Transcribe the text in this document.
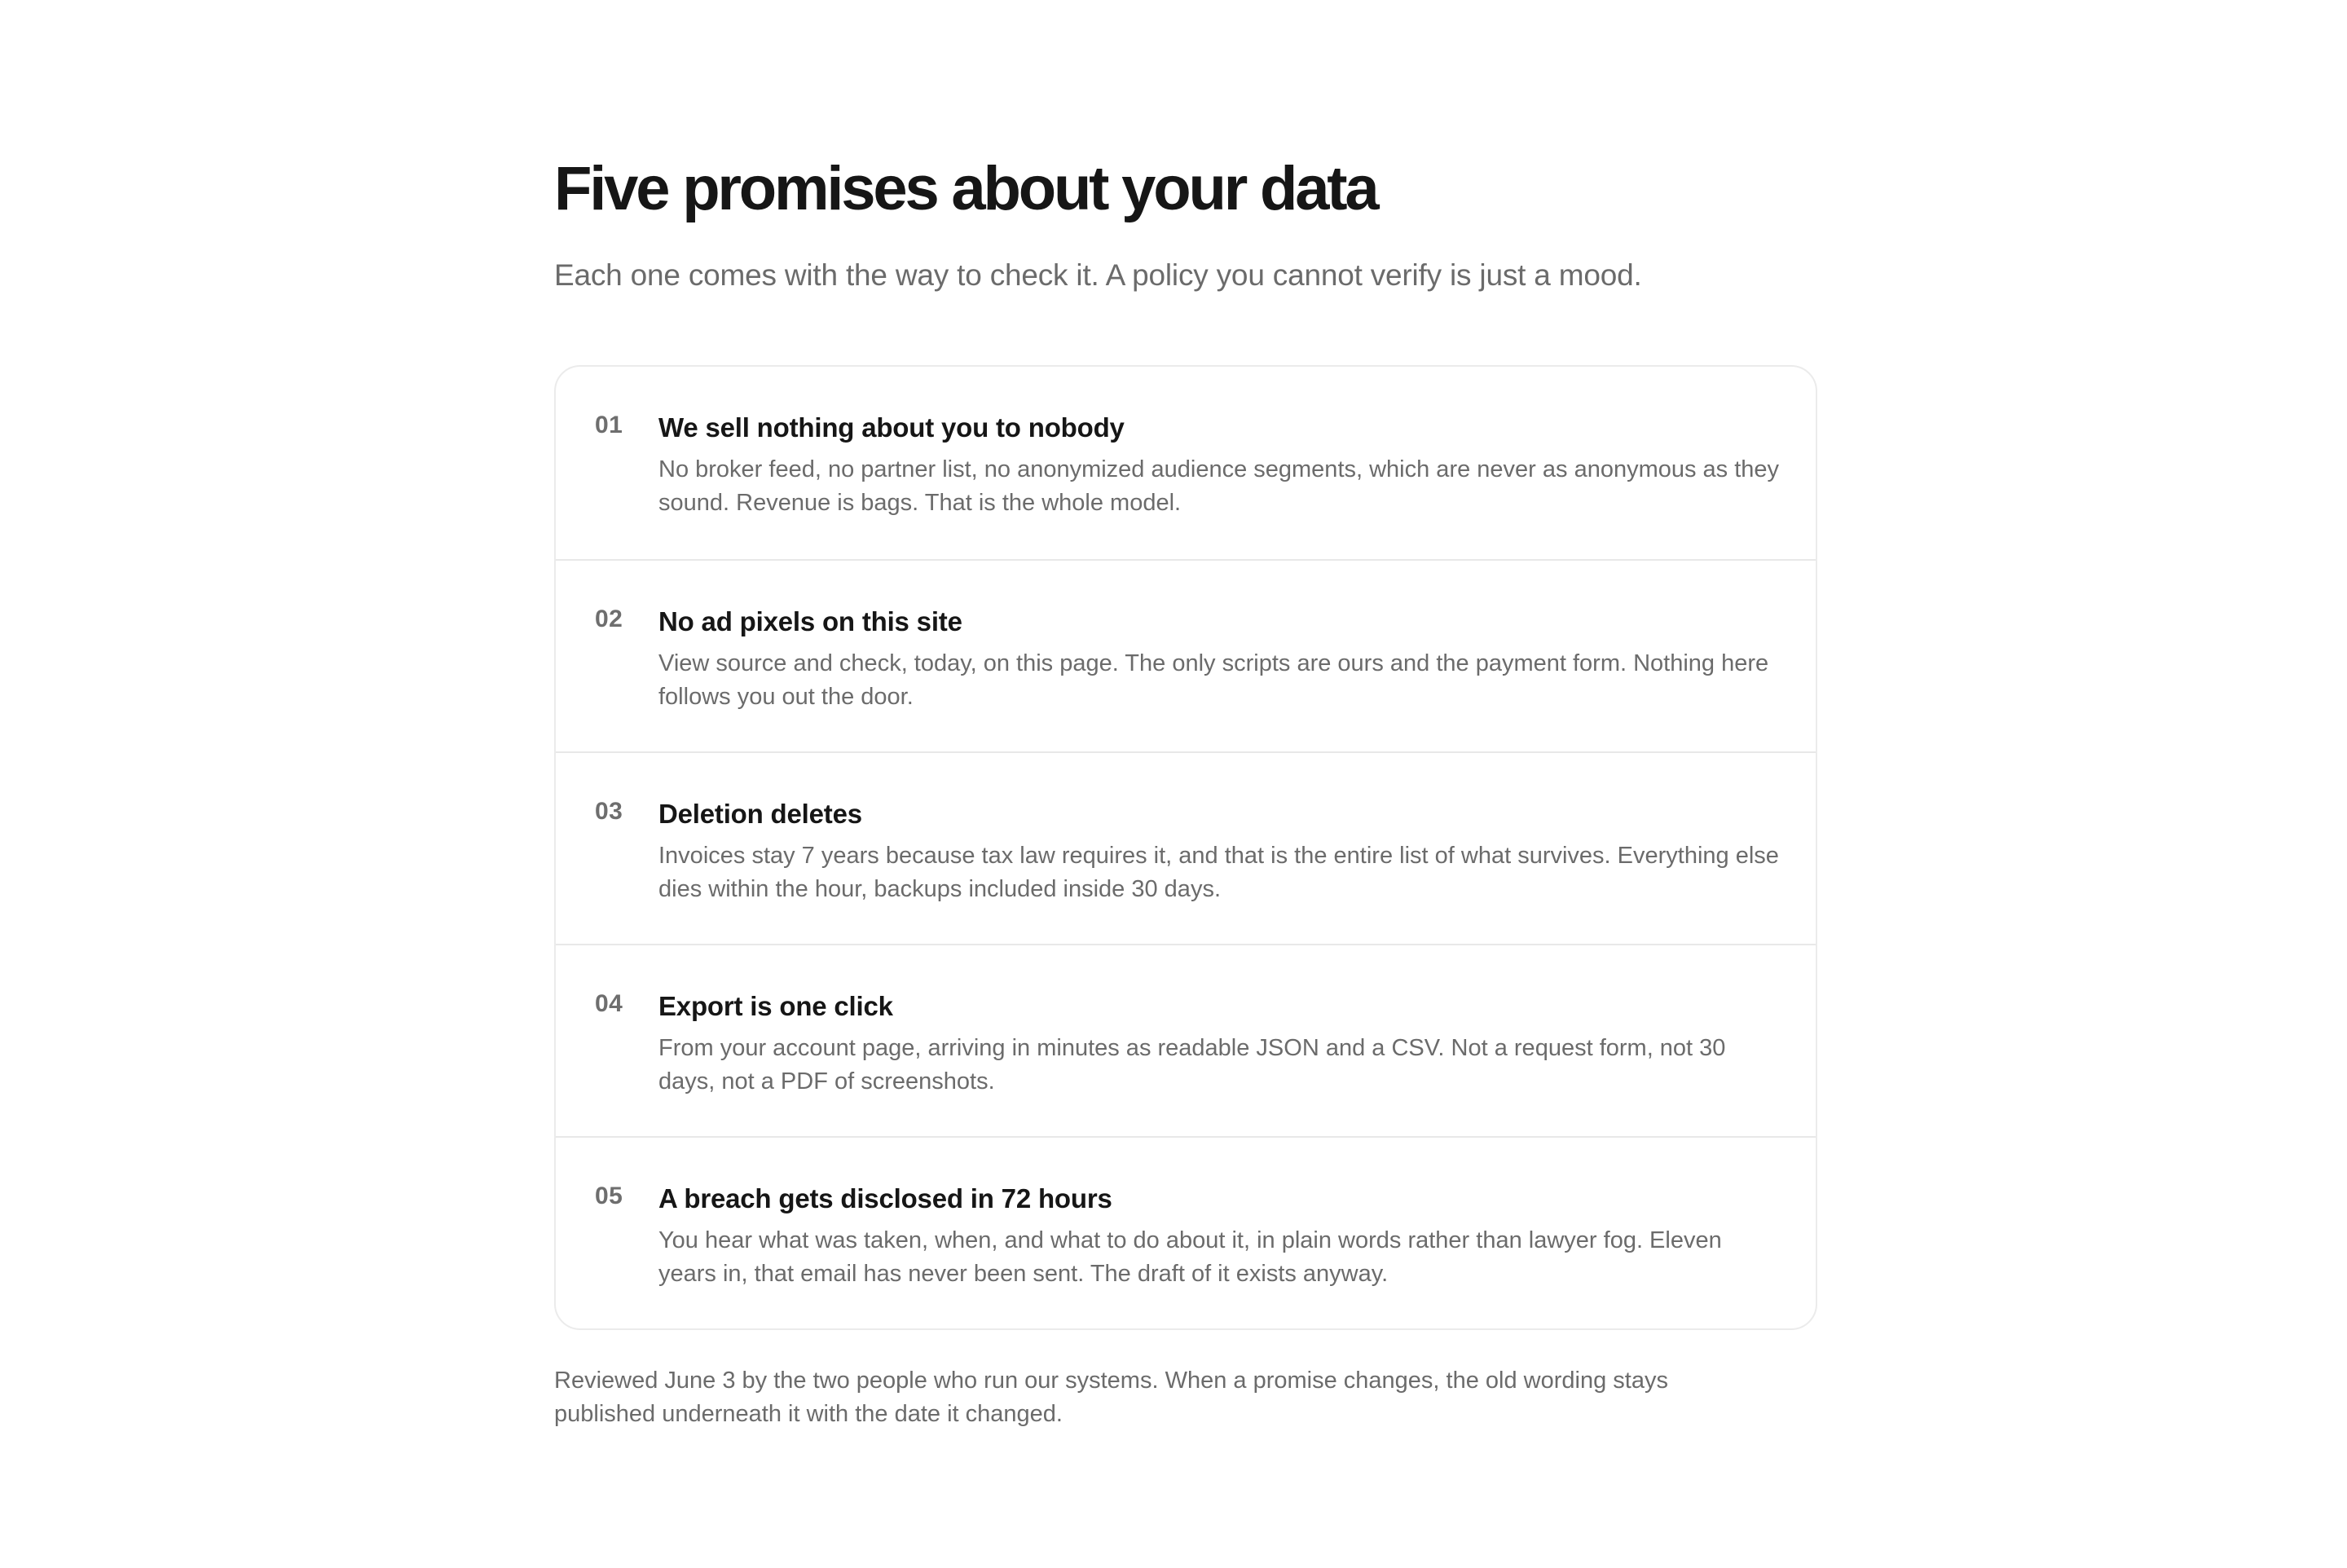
Five promises about your data

Each one comes with the way to check it. A policy you cannot verify is just a mood.

01 We sell nothing about you to nobody

No broker feed, no partner list, no anonymized audience segments, which are never as anonymous as they sound. Revenue is bags. That is the whole model.

02 No ad pixels on this site

View source and check, today, on this page. The only scripts are ours and the payment form. Nothing here follows you out the door.

03 Deletion deletes

Invoices stay 7 years because tax law requires it, and that is the entire list of what survives. Everything else dies within the hour, backups included inside 30 days.

04 Export is one click

From your account page, arriving in minutes as readable JSON and a CSV. Not a request form, not 30 days, not a PDF of screenshots.

05 A breach gets disclosed in 72 hours

You hear what was taken, when, and what to do about it, in plain words rather than lawyer fog. Eleven years in, that email has never been sent. The draft of it exists anyway.

Reviewed June 3 by the two people who run our systems. When a promise changes, the old wording stays published underneath it with the date it changed.
